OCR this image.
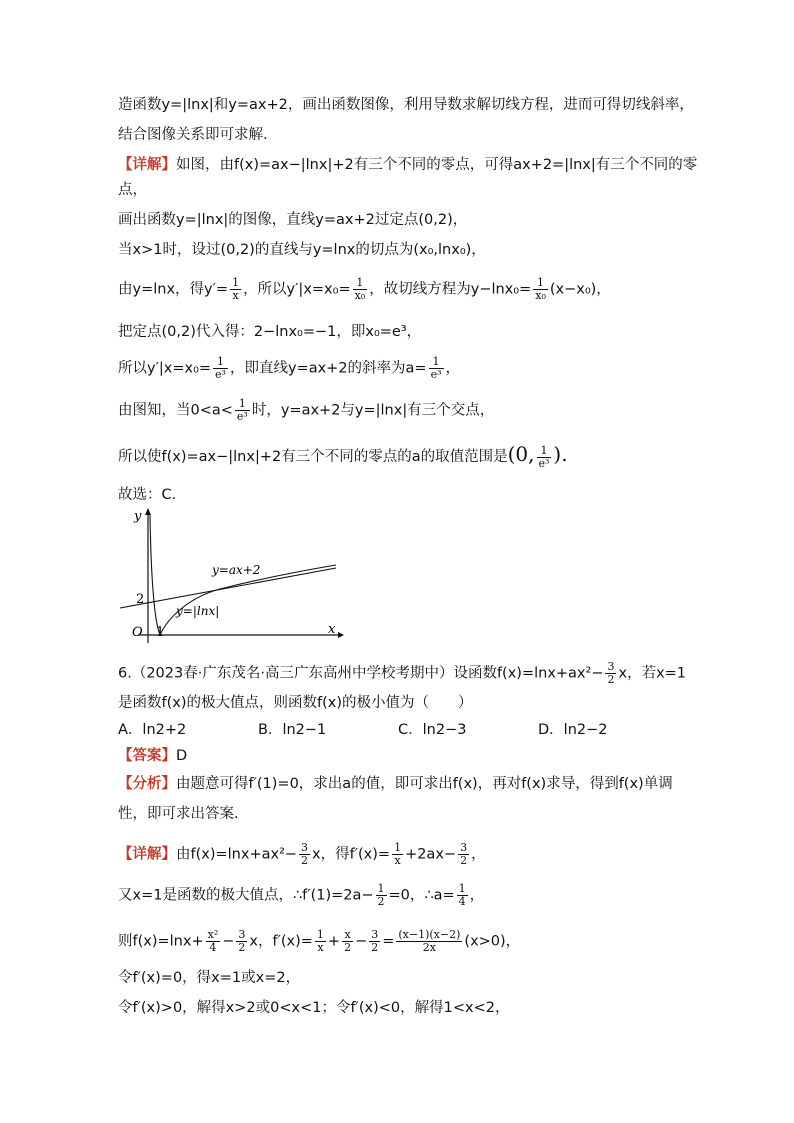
造函数y=|lnx|和y=ax+2，画出函数图像，利用导数求解切线方程，进而可得切线斜率，
结合图像关系即可求解.
【详解】如图，由f(x)=ax−|lnx|+2有三个不同的零点，可得ax+2=|lnx|有三个不同的零
点，
画出函数y=|lnx|的图像，直线y=ax+2过定点(0,2)，
当x>1时，设过(0,2)的直线与y=lnx的切点为(x₀,lnx₀)，
由y=lnx，得$y'= \frac{1}{x}$ ，所以$y'|x=x_0= \frac{1}{\text{x₀}}$ ，故切线方程为$y-\ln x_0= \frac{1}{\text{x₀}} (x-x_0)$，
把定点(0,2)代入得：2−lnx₀=−1，即x₀=e³，
所以$y'|x=x_0= \frac{1}{\text{e³}}$ ，即直线y=ax+2的斜率为$a= \frac{1}{\text{e³}}$ ，
由图知，当$0<a< \frac{1}{\text{e³}}$ 时，y=ax+2与y=|lnx|有三个交点，
所以使f(x)=ax−|lnx|+2有三个不同的零点的a的取值范围是(0, $\frac{1}{\text{e³}}$ ).
故选：C.
y
x
O 1
2
y=ax+2
y=|lnx|
6.（2023春·广东茂名·高三广东高州中学校考期中）设函数$f(x)=\ln x+ax^2- \frac{3}{2}$ x，若x=1
是函数f(x)的极大值点，则函数f(x)的极小值为（　　）
A．ln2+2	B．ln2−1	C．ln2−3	D．ln2−2
【答案】D
【分析】由题意可得f′(1)=0，求出a的值，即可求出f(x)，再对f(x)求导，得到f(x)单调
性，即可求出答案.
【详解】由$f(x)=\ln x+ax^2- \frac{3}{2}$ x，得$f'(x)= \frac{1}{x} +2ax- \frac{3}{2}$ ，
又x=1是函数的极大值点，∴f′(1)=2a− $\frac{1}{2} =0$，∴a= $\frac{1}{4}$ ，
则$f(x)=\ln x+ \frac{\text{x²}}{4} - \frac{3}{2}$ x，$f'(x)= \frac{1}{x} + \frac{x}{2} - \frac{3}{2} = \frac{(x-1)(x-2)}{2x} (x>0)$，
令f′(x)=0，得x=1或x=2，
令f′(x)>0，解得x>2或0<x<1；令f′(x)<0，解得1<x<2，
